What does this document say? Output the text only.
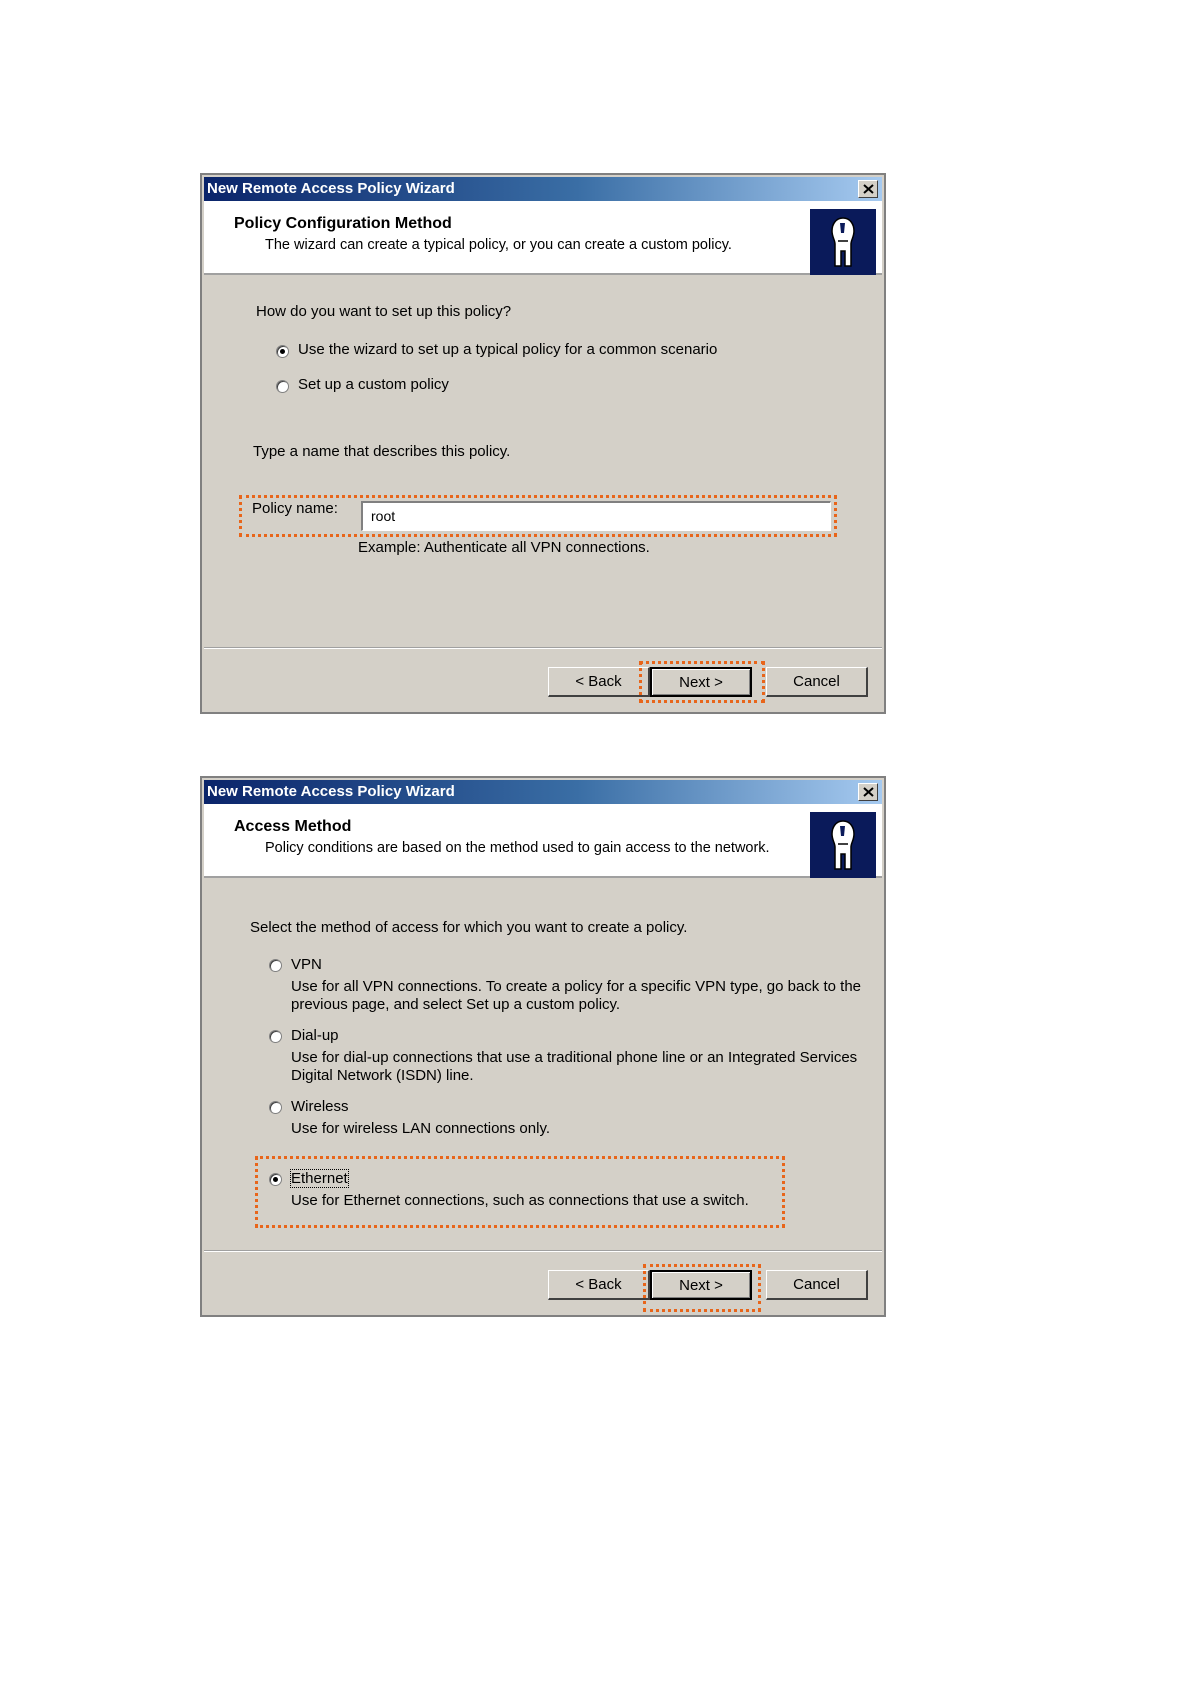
New Remote Access Policy Wizard
Policy Configuration Method
The wizard can create a typical policy, or you can create a custom policy.
How do you want to set up this policy?
Use the wizard to set up a typical policy for a common scenario
Set up a custom policy
Type a name that describes this policy.
Policy name:	root
Example: Authenticate all VPN connections.
< Back	Next >	Cancel
New Remote Access Policy Wizard
Access Method
Policy conditions are based on the method used to gain access to the network.
Select the method of access for which you want to create a policy.
VPN
Use for all VPN connections. To create a policy for a specific VPN type, go back to the previous page, and select Set up a custom policy.
Dial-up
Use for dial-up connections that use a traditional phone line or an Integrated Services Digital Network (ISDN) line.
Wireless
Use for wireless LAN connections only.
Ethernet
Use for Ethernet connections, such as connections that use a switch.
< Back	Next >	Cancel
